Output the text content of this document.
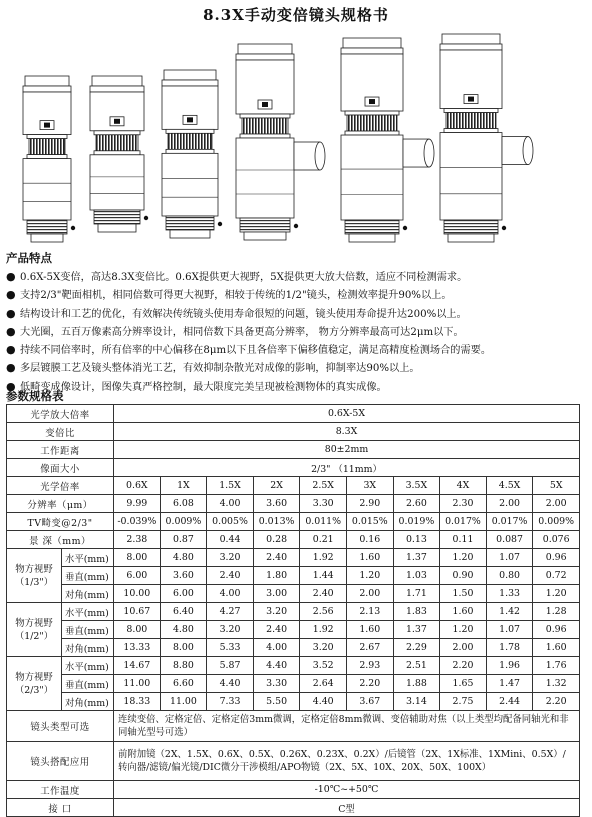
8.3X手动变倍镜头规格书
产品特点
● 0.6X-5X变倍，高达8.3X变倍比。0.6X提供更大视野，5X提供更大放大倍数，适应不同检测需求。
● 支持2/3"靶面相机，相同倍数可得更大视野，相较于传统的1/2"镜头，检测效率提升90%以上。
● 结构设计和工艺的优化，有效解决传统镜头使用寿命很短的问题，镜头使用寿命提升达200%以上。
● 大光圈，五百万像素高分辨率设计，相同倍数下具备更高分辨率， 物方分辨率最高可达2μm以下。
● 持续不同倍率时，所有倍率的中心偏移在8μm以下且各倍率下偏移值稳定，满足高精度检测场合的需要。
● 多层镀膜工艺及镜头整体消光工艺，有效抑制杂散光对成像的影响，抑制率达90%以上。
● 低畸变成像设计，图像失真严格控制，最大限度完美呈现被检测物体的真实成像。
参数规格表
光学放大倍率		0.6X-5X									
变倍比		8.3X									
工作距离		80±2mm									
像面大小		2/3" （11mm）									
光学倍率		0.6X	1X	1.5X	2X	2.5X	3X	3.5X	4X	4.5X	5X
分辨率（μm）		9.99	6.08	4.00	3.60	3.30	2.90	2.60	2.30	2.00	2.00
TV畸变@2/3"		-0.039%	0.009%	0.005%	0.013%	0.011%	0.015%	0.019%	0.017%	0.017%	0.009%
景 深（mm）		2.38	0.87	0.44	0.28	0.21	0.16	0.13	0.11	0.087	0.076
物方视野（1/3"）	水平(mm)	8.00	4.80	3.20	2.40	1.92	1.60	1.37	1.20	1.07	0.96
	垂直(mm)	6.00	3.60	2.40	1.80	1.44	1.20	1.03	0.90	0.80	0.72
	对角(mm)	10.00	6.00	4.00	3.00	2.40	2.00	1.71	1.50	1.33	1.20
物方视野（1/2"）	水平(mm)	10.67	6.40	4.27	3.20	2.56	2.13	1.83	1.60	1.42	1.28
	垂直(mm)	8.00	4.80	3.20	2.40	1.92	1.60	1.37	1.20	1.07	0.96
	对角(mm)	13.33	8.00	5.33	4.00	3.20	2.67	2.29	2.00	1.78	1.60
物方视野（2/3"）	水平(mm)	14.67	8.80	5.87	4.40	3.52	2.93	2.51	2.20	1.96	1.76
	垂直(mm)	11.00	6.60	4.40	3.30	2.64	2.20	1.88	1.65	1.47	1.32
	对角(mm)	18.33	11.00	7.33	5.50	4.40	3.67	3.14	2.75	2.44	2.20
镜头类型可选		连续变倍、定格定倍、定格定倍3mm微调，定格定倍8mm微调、变倍辅助对焦（以上类型均配备同轴光和非同轴光型号可选）									
镜头搭配应用		前附加镜（2X、1.5X、0.6X、0.5X、0.26X、0.23X、0.2X）/后镜管（2X、1X标准、1XMini、0.5X）/转向器/滤镜/偏光镜/DIC微分干涉模组/APO物镜（2X、5X、10X、20X、50X、100X）									
工作温度		-10℃~+50℃									
接 口		C型									
